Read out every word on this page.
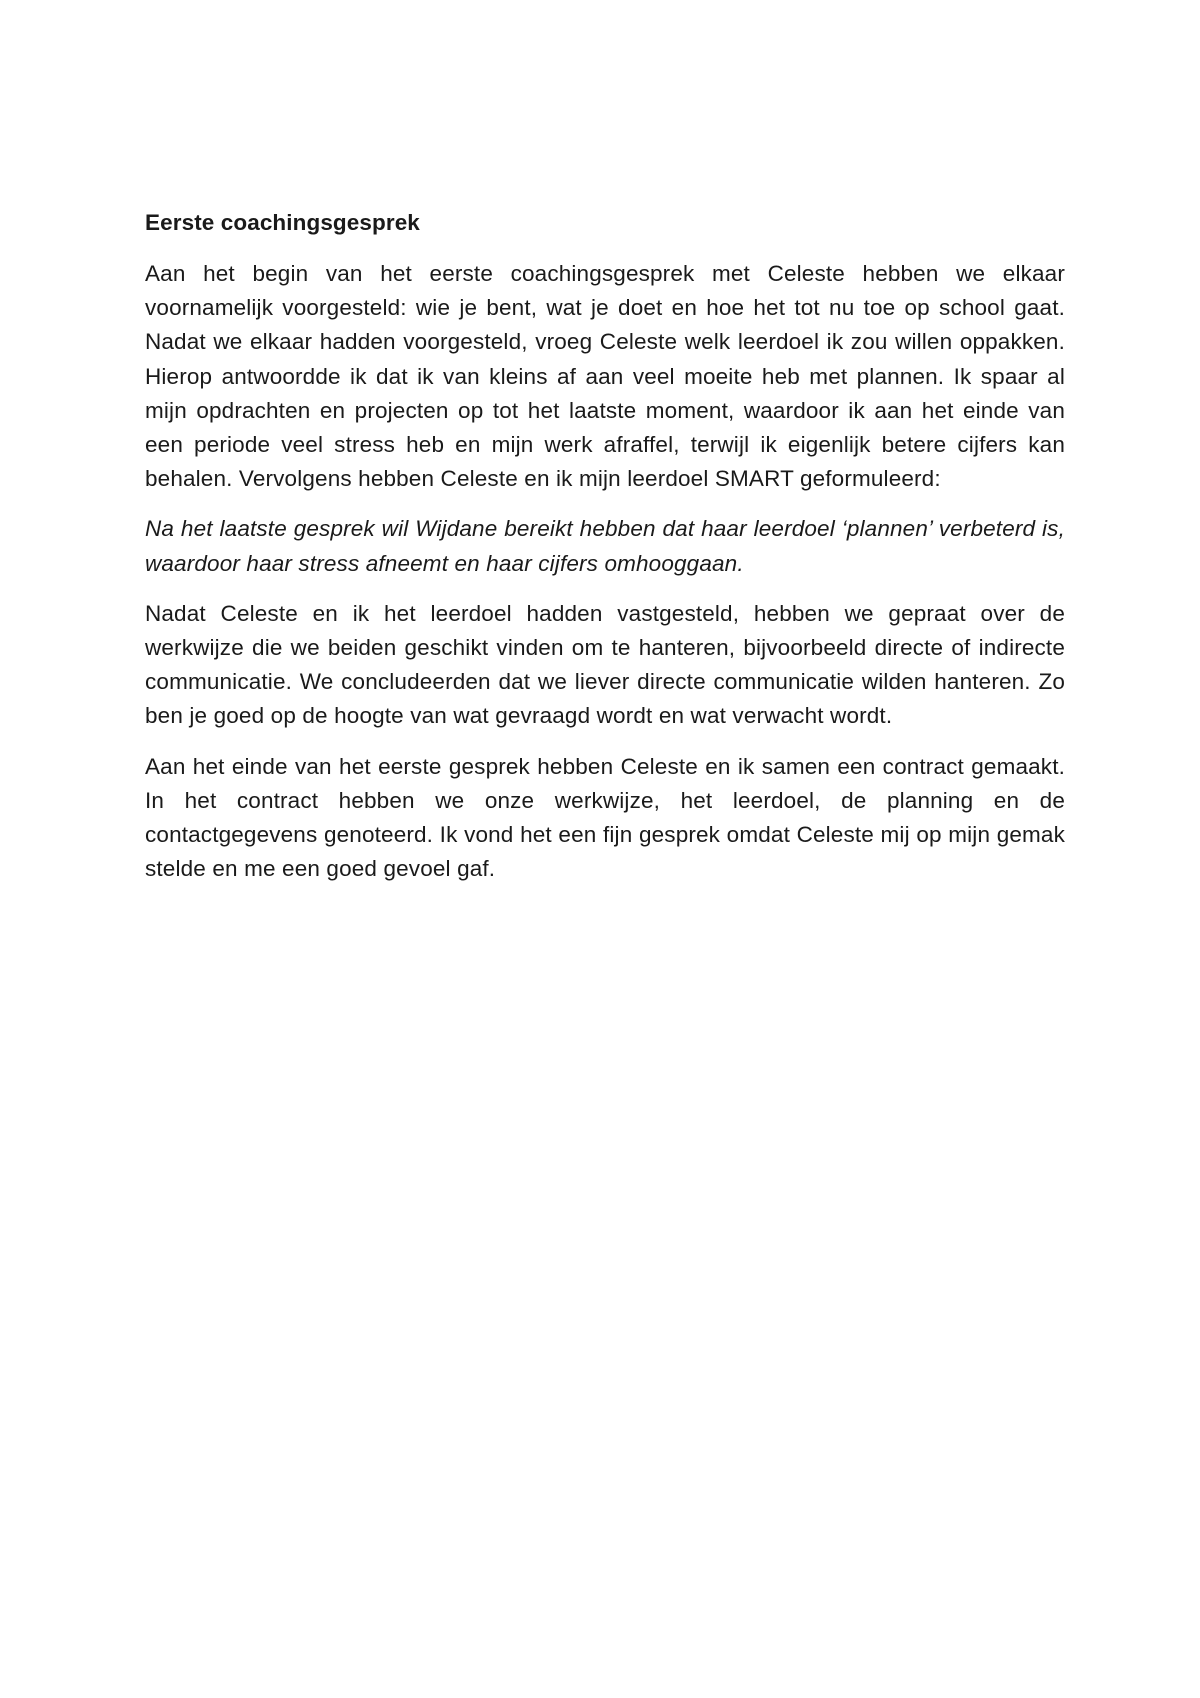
Eerste coachingsgesprek

Aan het begin van het eerste coachingsgesprek met Celeste hebben we elkaar voornamelijk voorgesteld: wie je bent, wat je doet en hoe het tot nu toe op school gaat. Nadat we elkaar hadden voorgesteld, vroeg Celeste welk leerdoel ik zou willen oppakken. Hierop antwoordde ik dat ik van kleins af aan veel moeite heb met plannen. Ik spaar al mijn opdrachten en projecten op tot het laatste moment, waardoor ik aan het einde van een periode veel stress heb en mijn werk afraffel, terwijl ik eigenlijk betere cijfers kan behalen. Vervolgens hebben Celeste en ik mijn leerdoel SMART geformuleerd:

Na het laatste gesprek wil Wijdane bereikt hebben dat haar leerdoel ‘plannen’ verbeterd is, waardoor haar stress afneemt en haar cijfers omhooggaan.

Nadat Celeste en ik het leerdoel hadden vastgesteld, hebben we gepraat over de werkwijze die we beiden geschikt vinden om te hanteren, bijvoorbeeld directe of indirecte communicatie. We concludeerden dat we liever directe communicatie wilden hanteren. Zo ben je goed op de hoogte van wat gevraagd wordt en wat verwacht wordt.

Aan het einde van het eerste gesprek hebben Celeste en ik samen een contract gemaakt. In het contract hebben we onze werkwijze, het leerdoel, de planning en de contactgegevens genoteerd. Ik vond het een fijn gesprek omdat Celeste mij op mijn gemak stelde en me een goed gevoel gaf.
